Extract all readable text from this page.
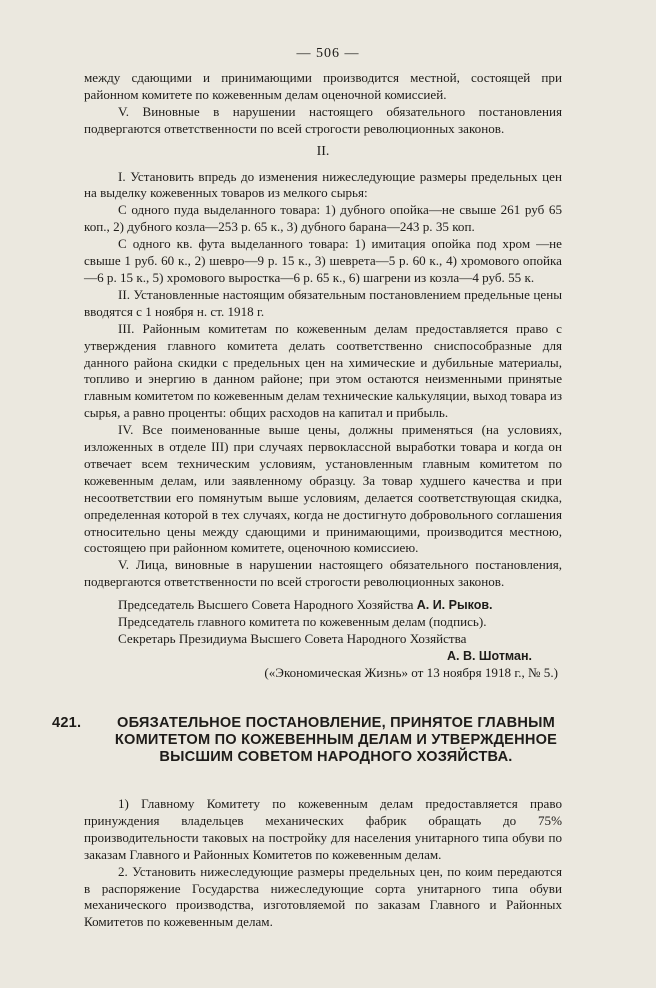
— 506 —

между сдающими и принимающими производится местной, состоящей при районном комитете по кожевенным делам оценочной комиссией.

V. Виновные в нарушении настоящего обязательного постановления подвергаются ответственности по всей строгости революционных законов.

II.

I. Установить впредь до изменения нижеследующие размеры предельных цен на выделку кожевенных товаров из мелкого сырья:

С одного пуда выделанного товара: 1) дубного опойка—не свыше 261 руб 65 коп., 2) дубного козла—253 р. 65 к., 3) дубного барана—243 р. 35 коп.

С одного кв. фута выделанного товара: 1) имитация опойка под хром —не свыше 1 руб. 60 к., 2) шевро—9 р. 15 к., 3) шеврета—5 р. 60 к., 4) хромового опойка—6 р. 15 к., 5) хромового выростка—6 р. 65 к., 6) шагрени из козла—4 руб. 55 к.

II. Установленные настоящим обязательным постановлением предельные цены вводятся с 1 ноября н. ст. 1918 г.

III. Районным комитетам по кожевенным делам предоставляется право с утверждения главного комитета делать соответственно сниспособразные для данного района скидки с предельных цен на химические и дубильные материалы, топливо и энергию в данном районе; при этом остаются неизменными принятые главным комитетом по кожевенным делам технические калькуляции, выход товара из сырья, а равно проценты: общих расходов на капитал и прибыль.

IV. Все поименованные выше цены, должны применяться (на условиях, изложенных в отделе III) при случаях первоклассной выработки товара и когда он отвечает всем техническим условиям, установленным главным комитетом по кожевенным делам, или заявленному образцу. За товар худшего качества и при несоответствии его помянутым выше условиям, делается соответствующая скидка, определенная которой в тех случаях, когда не достигнуто добровольного соглашения относительно цены между сдающими и принимающими, производится местною, состоящею при районном комитете, оценочною комиссиею.

V. Лица, виновные в нарушении настоящего обязательного постановления, подвергаются ответственности по всей строгости революционных законов.

Председатель Высшего Совета Народного Хозяйства А. И. Рыков.

Председатель главного комитета по кожевенным делам (подпись).

Секретарь Президиума Высшего Совета Народного Хозяйства

А. В. Шотман.

(«Экономическая Жизнь» от 13 ноября 1918 г., № 5.)

421.	ОБЯЗАТЕЛЬНОЕ ПОСТАНОВЛЕНИЕ, ПРИНЯТОЕ ГЛАВНЫМ КОМИТЕТОМ ПО КОЖЕВЕННЫМ ДЕЛАМ И УТВЕРЖДЕННОЕ ВЫСШИМ СОВЕТОМ НАРОДНОГО ХОЗЯЙСТВА.

1) Главному Комитету по кожевенным делам предоставляется право принуждения владельцев механических фабрик обращать до 75% производительности таковых на постройку для населения унитарного типа обуви по заказам Главного и Районных Комитетов по кожевенным делам.

2. Установить нижеследующие размеры предельных цен, по коим передаются в распоряжение Государства нижеследующие сорта унитарного типа обуви механического производства, изготовляемой по заказам Главного и Районных Комитетов по кожевенным делам.
